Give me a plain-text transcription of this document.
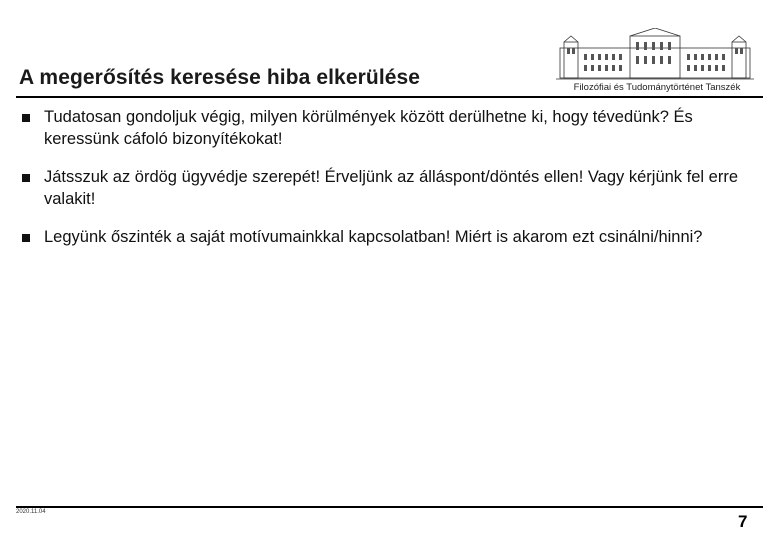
A megerősítés keresése hiba elkerülése	Filozófiai és Tudománytörténet Tanszék
Tudatosan gondoljuk végig, milyen körülmények között derülhetne ki, hogy tévedünk? És keressünk cáfoló bizonyítékokat!
Játsszuk az ördög ügyvédje szerepét! Érveljünk az álláspont/döntés ellen! Vagy kérjünk fel erre valakit!
Legyünk őszinték a saját motívumainkkal kapcsolatban! Miért is akarom ezt csinálni/hinni?
2020.11.04	7
